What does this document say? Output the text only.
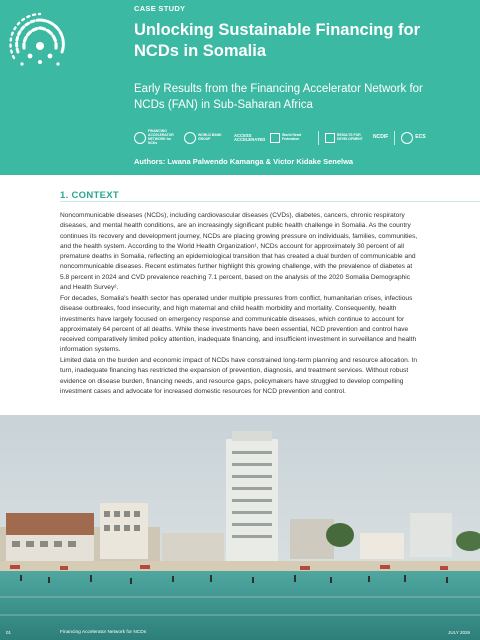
CASE STUDY
Unlocking Sustainable Financing for NCDs in Somalia
Early Results from the Financing Accelerator Network for NCDs (FAN) in Sub-Saharan Africa
FINANCING ACCELERATOR NETWORK for NCDs
WORLD BANK GROUP
ACCESS ACCELERATED
World Heart Federation
RESULTS FOR DEVELOPMENT	NCDIF	ECS
Authors: Lwana Palwendo Kamanga & Victor Kidake Senelwa
1. CONTEXT

Noncommunicable diseases (NCDs), including cardiovascular diseases (CVDs), diabetes, cancers, chronic respiratory diseases, and mental health conditions, are an increasingly significant public health challenge in Somalia. As the country continues its recovery and development journey, NCDs are placing growing pressure on individuals, families, communities, and the health system. According to the World Health Organization¹, NCDs account for approximately 30 percent of all premature deaths in Somalia, reflecting an epidemiological transition that has created a dual burden of communicable and noncommunicable diseases. Recent estimates further highlight this growing challenge, with the prevalence of diabetes at 5.8 percent in 2024 and CVD prevalence reaching 7.1 percent, based on the analysis of the 2020 Somalia Demographic and Health Survey².

For decades, Somalia's health sector has operated under multiple pressures from conflict, humanitarian crises, infectious disease outbreaks, food insecurity, and high maternal and child health morbidity and mortality. Consequently, health investments have largely focused on emergency response and communicable diseases, which continue to account for approximately 64 percent of all deaths. While these investments have been essential, NCD prevention and control have received comparatively limited policy attention, inadequate financing, and insufficient investment in surveillance and health information systems.

Limited data on the burden and economic impact of NCDs have constrained long-term planning and resource allocation. In turn, inadequate financing has restricted the expansion of prevention, diagnosis, and treatment services. Without robust evidence on disease burden, financing needs, and resource gaps, policymakers have struggled to develop compelling investment cases and advocate for increased domestic resources for NCD prevention and control.

01	Financing Accelerator Network for NCDs	JULY 2026
